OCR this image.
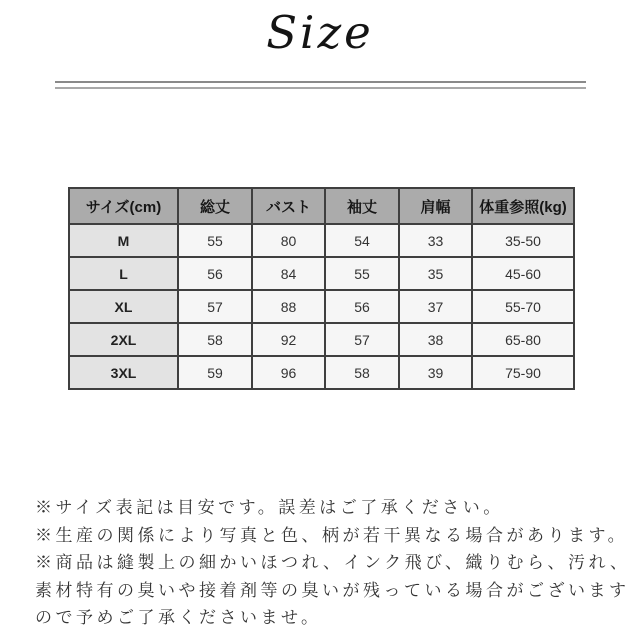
Size
サイズ(cm)	総丈	バスト	袖丈	肩幅	体重参照(kg)
M	55	80	54	33	35-50
L	56	84	55	35	45-60
XL	57	88	56	37	55-70
2XL	58	92	57	38	65-80
3XL	59	96	58	39	75-90
※サイズ表記は目安です。誤差はご了承ください。
※生産の関係により写真と色、柄が若干異なる場合があります。
※商品は縫製上の細かいほつれ、インク飛び、織りむら、汚れ、
素材特有の臭いや接着剤等の臭いが残っている場合がございます
ので予めご了承くださいませ。
